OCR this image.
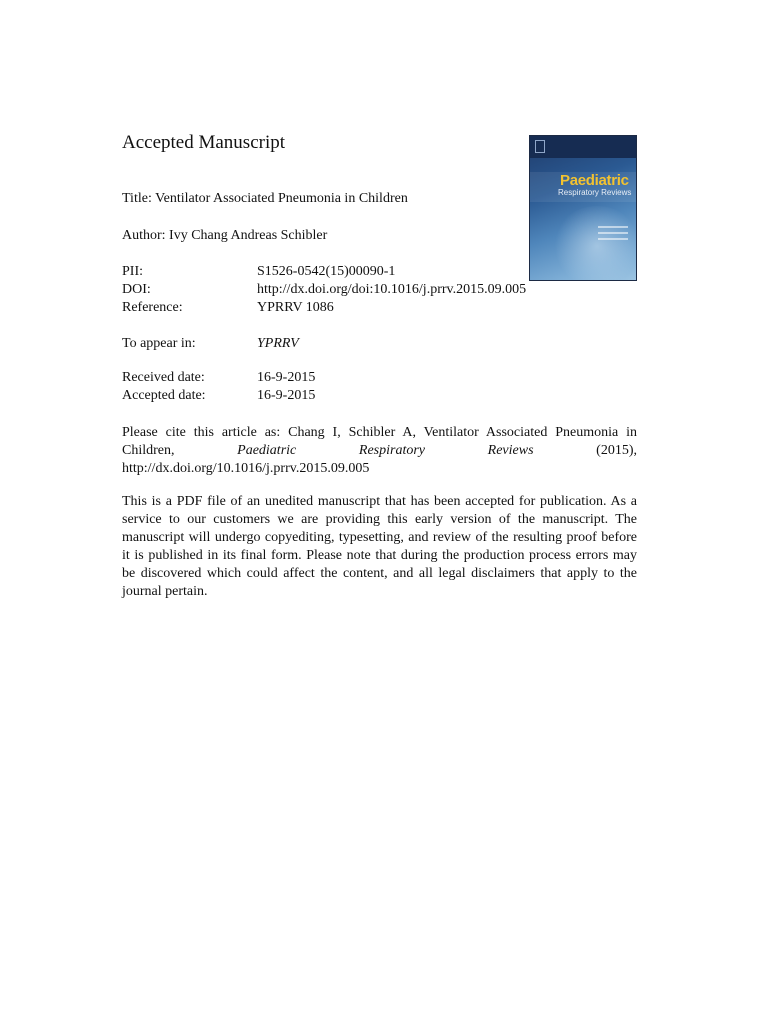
Accepted Manuscript
Paediatric
Respiratory Reviews
Title: Ventilator Associated Pneumonia in Children
Author: Ivy Chang Andreas Schibler
PII:	S1526-0542(15)00090-1
DOI:	http://dx.doi.org/doi:10.1016/j.prrv.2015.09.005
Reference:	YPRRV 1086
To appear in:	YPRRV
Received date:	16-9-2015
Accepted date:	16-9-2015
Please cite this article as: Chang I, Schibler A, Ventilator Associated Pneumonia in Children, Paediatric Respiratory Reviews (2015), http://dx.doi.org/10.1016/j.prrv.2015.09.005
This is a PDF file of an unedited manuscript that has been accepted for publication. As a service to our customers we are providing this early version of the manuscript. The manuscript will undergo copyediting, typesetting, and review of the resulting proof before it is published in its final form. Please note that during the production process errors may be discovered which could affect the content, and all legal disclaimers that apply to the journal pertain.
